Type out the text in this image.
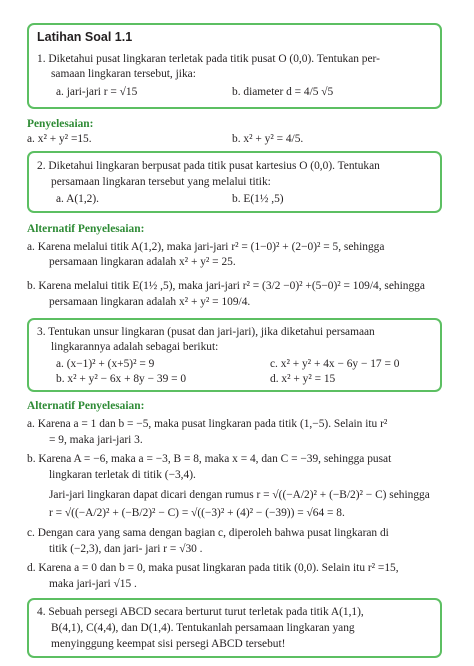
Latihan Soal 1.1
1. Diketahui pusat lingkaran terletak pada titik pusat O (0,0). Tentukan per-
samaan lingkaran tersebut, jika:
a. jari-jari r = √15	b. diameter d = 4/5 √5
Penyelesaian:
a. x² + y² =15.	b. x² + y² = 4/5.
2. Diketahui lingkaran berpusat pada titik pusat kartesius O (0,0). Tentukan
persamaan lingkaran tersebut yang melalui titik:
a. A(1,2).	b. E(1½ ,5)
Alternatif Penyelesaian:
a. Karena melalui titik A(1,2), maka jari-jari r² = (1−0)² + (2−0)² = 5, sehingga
persamaan lingkaran adalah x² + y² = 25.
b. Karena melalui titik E(1½ ,5), maka jari-jari r² = (3/2 −0)² +(5−0)² = 109/4, sehingga
persamaan lingkaran adalah x² + y² = 109/4.
3. Tentukan unsur lingkaran (pusat dan jari-jari), jika diketahui persamaan
lingkarannya adalah sebagai berikut:
a. (x−1)² + (x+5)² = 9
b. x² + y² − 6x + 8y − 39 = 0
c. x² + y² + 4x − 6y − 17 = 0
d. x² + y² = 15
Alternatif Penyelesaian:
a. Karena a = 1 dan b = −5, maka pusat lingkaran pada titik (1,−5). Selain itu r²
= 9, maka jari-jari 3.
b. Karena A = −6, maka a = −3, B = 8, maka x = 4, dan C = −39, sehingga pusat
lingkaran terletak di titik (−3,4).
Jari-jari lingkaran dapat dicari dengan rumus r = √((−A/2)² + (−B/2)² − C) sehingga
r = √((−A/2)² + (−B/2)² − C) = √((−3)² + (4)² − (−39)) = √64 = 8.
c. Dengan cara yang sama dengan bagian c, diperoleh bahwa pusat lingkaran di
titik (−2,3), dan jari- jari r = √30 .
d. Karena a = 0 dan b = 0, maka pusat lingkaran pada titik (0,0). Selain itu r² =15,
maka jari-jari √15 .
4. Sebuah persegi ABCD secara berturut turut terletak pada titik A(1,1),
B(4,1), C(4,4), dan D(1,4). Tentukanlah persamaan lingkaran yang
menyinggung keempat sisi persegi ABCD tersebut!
